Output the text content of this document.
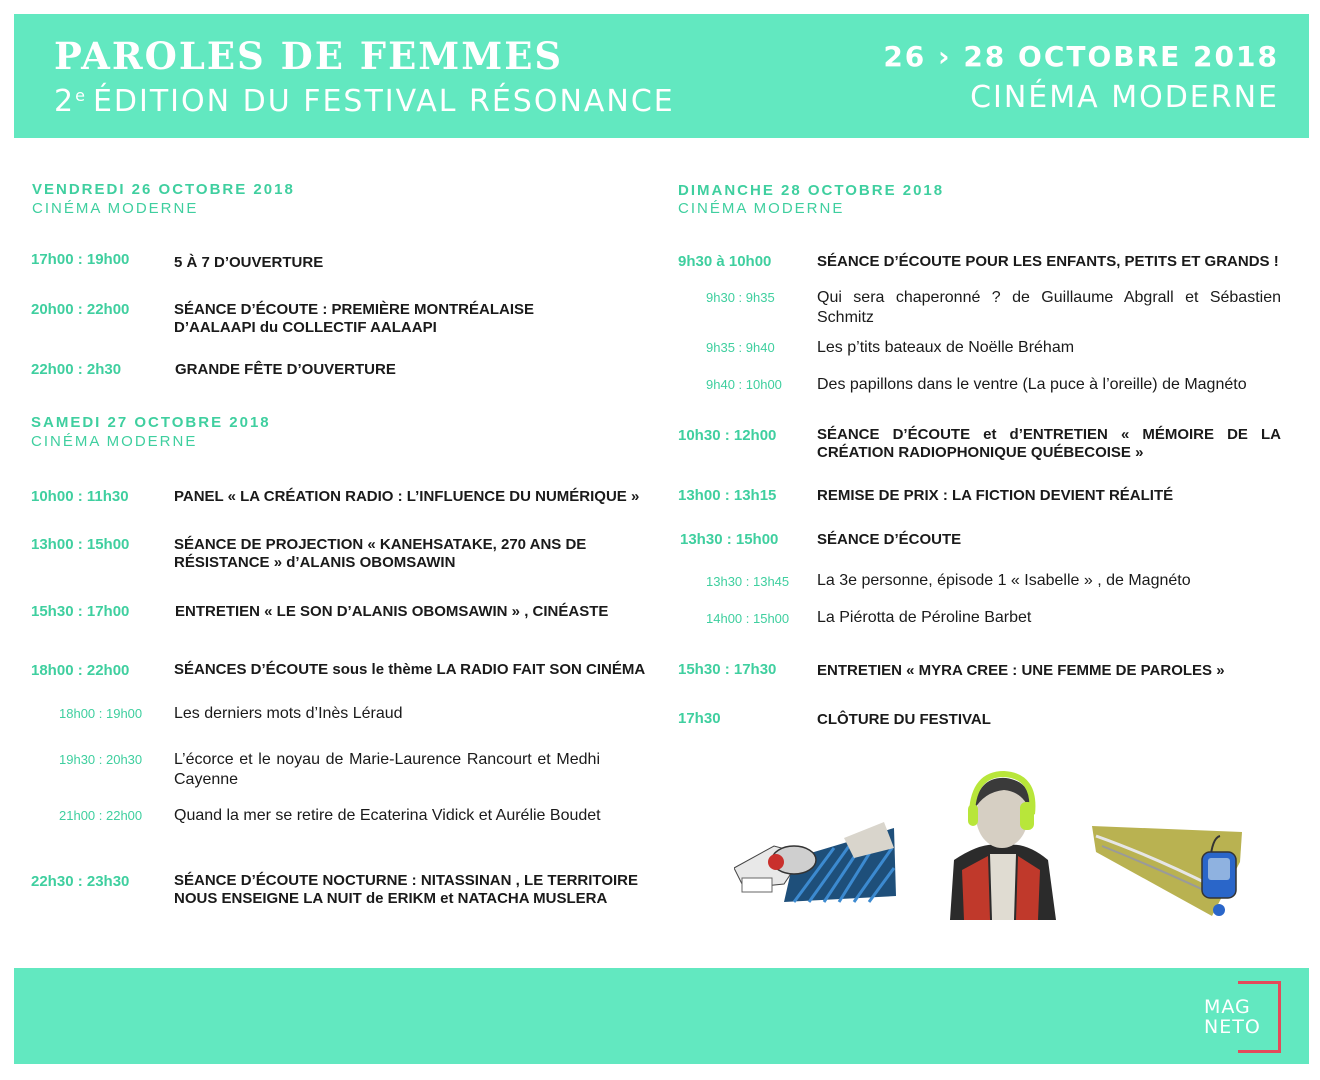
PAROLES DE FEMMES
2e ÉDITION DU FESTIVAL RÉSONANCE
26 › 28 OCTOBRE 2018
CINÉMA MODERNE
VENDREDI 26 OCTOBRE 2018
CINÉMA MODERNE
17h00 : 19h00	5 À 7 D’OUVERTURE
20h00 : 22h00	SÉANCE D’ÉCOUTE : PREMIÈRE MONTRÉALAISE D’AALAAPI du COLLECTIF AALAAPI
22h00 : 2h30	GRANDE FÊTE D’OUVERTURE
SAMEDI 27 OCTOBRE 2018
CINÉMA MODERNE
10h00 : 11h30	PANEL « LA CRÉATION RADIO : L’INFLUENCE DU NUMÉRIQUE »
13h00 : 15h00	SÉANCE DE PROJECTION « KANEHSATAKE, 270 ANS DE RÉSISTANCE » d’ALANIS OBOMSAWIN
15h30 : 17h00	ENTRETIEN « LE SON D’ALANIS OBOMSAWIN » , CINÉASTE
18h00 : 22h00	SÉANCES D’ÉCOUTE sous le thème LA RADIO FAIT SON CINÉMA
18h00 : 19h00 Les derniers mots d’Inès Léraud
19h30 : 20h30 L’écorce et le noyau de Marie-Laurence Rancourt et Medhi Cayenne
21h00 : 22h00 Quand la mer se retire de Ecaterina Vidick et Aurélie Boudet
22h30 : 23h30	SÉANCE D’ÉCOUTE NOCTURNE : NITASSINAN , LE TERRITOIRE NOUS ENSEIGNE LA NUIT de ERIKM et NATACHA MUSLERA
DIMANCHE 28 OCTOBRE 2018
CINÉMA MODERNE
9h30 à 10h00	SÉANCE D’ÉCOUTE POUR LES ENFANTS, PETITS ET GRANDS !
9h30 : 9h35	Qui sera chaperonné ? de Guillaume Abgrall et Sébastien Schmitz
9h35 : 9h40	Les p’tits bateaux de Noëlle Bréham
9h40 : 10h00 Des papillons dans le ventre (La puce à l’oreille) de Magnéto
10h30 : 12h00	SÉANCE D’ÉCOUTE et d’ENTRETIEN « MÉMOIRE DE LA CRÉATION RADIOPHONIQUE QUÉBECOISE »
13h00 : 13h15	REMISE DE PRIX : LA FICTION DEVIENT RÉALITÉ
13h30 : 15h00	SÉANCE D’ÉCOUTE
13h30 : 13h45 La 3e personne, épisode 1 « Isabelle » , de Magnéto
14h00 : 15h00 La Piérotta de Péroline Barbet
15h30 : 17h30	ENTRETIEN « MYRA CREE : UNE FEMME DE PAROLES »
17h30	CLÔTURE DU FESTIVAL
MAG
NETO
